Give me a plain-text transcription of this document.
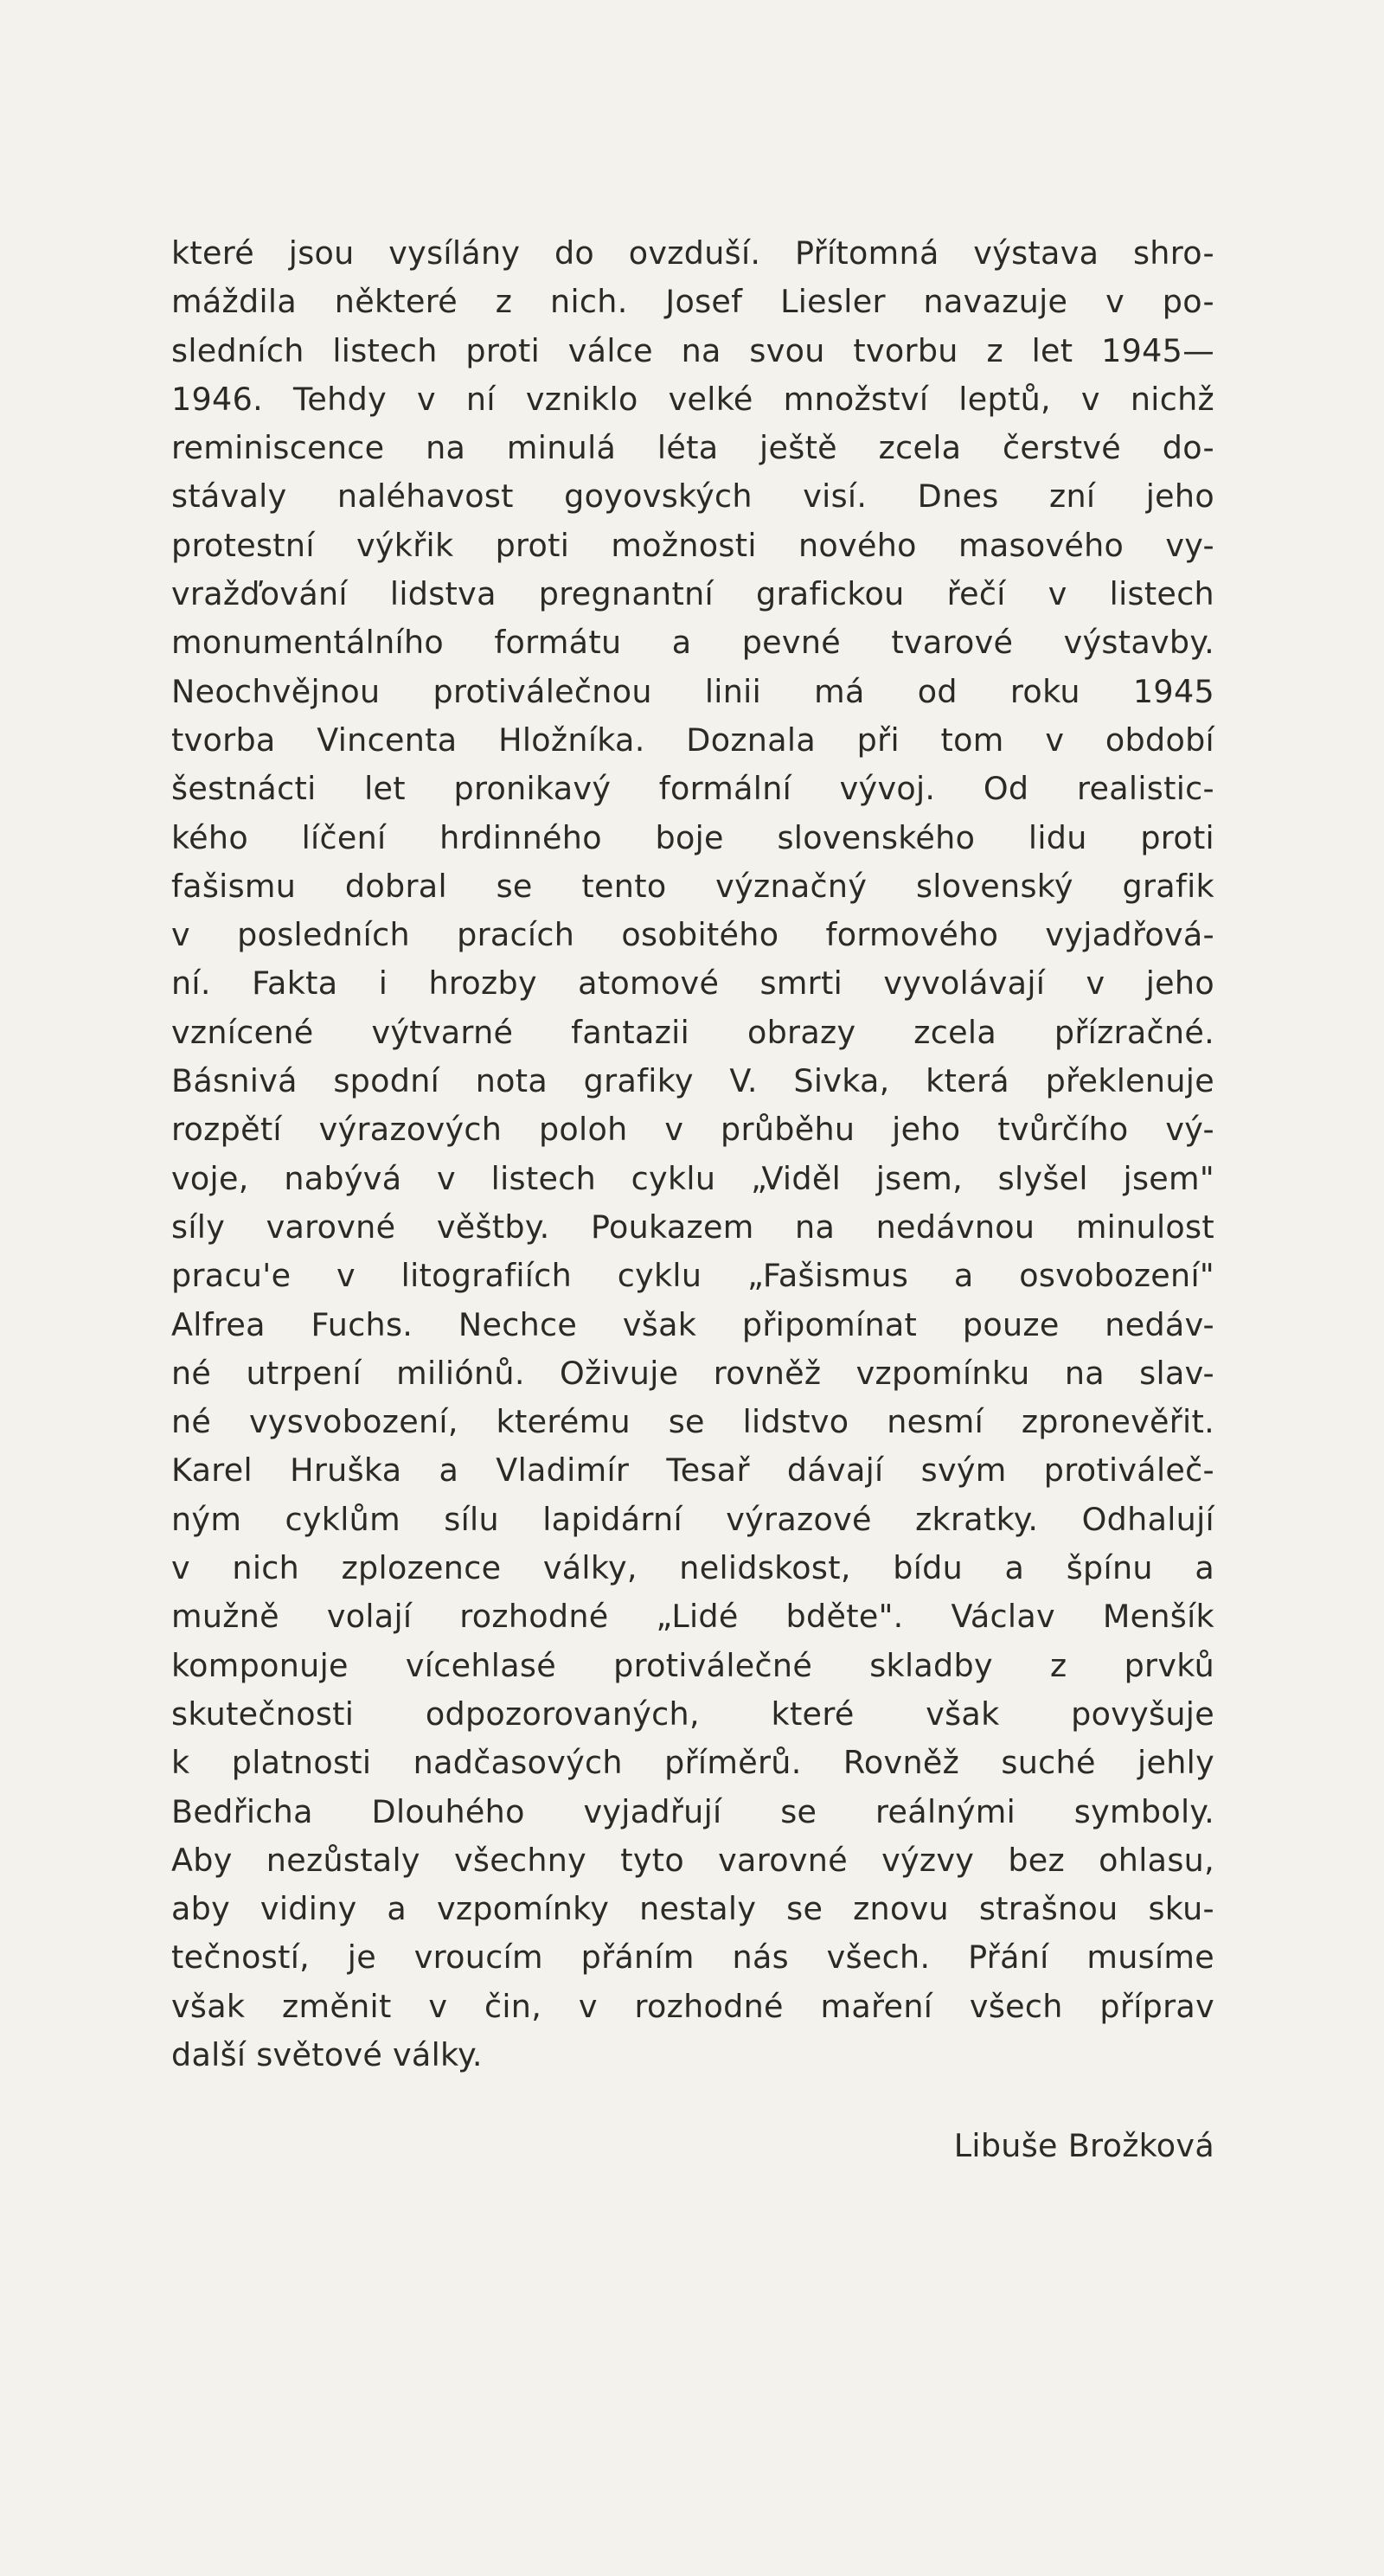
které jsou vysílány do ovzduší. Přítomná výstava shro-
máždila některé z nich. Josef Liesler navazuje v po-
sledních listech proti válce na svou tvorbu z let 1945—
1946. Tehdy v ní vzniklo velké množství leptů, v nichž
reminiscence na minulá léta ještě zcela čerstvé do-
stávaly naléhavost goyovských visí. Dnes zní jeho
protestní výkřik proti možnosti nového masového vy-
vražďování lidstva pregnantní grafickou řečí v listech
monumentálního formátu a pevné tvarové výstavby.
Neochvějnou protiválečnou linii má od roku 1945
tvorba Vincenta Hložníka. Doznala při tom v období
šestnácti let pronikavý formální vývoj. Od realistic-
kého líčení hrdinného boje slovenského lidu proti
fašismu dobral se tento význačný slovenský grafik
v posledních pracích osobitého formového vyjadřová-
ní. Fakta i hrozby atomové smrti vyvolávají v jeho
vznícené výtvarné fantazii obrazy zcela přízračné.
Básnivá spodní nota grafiky V. Sivka, která překlenuje
rozpětí výrazových poloh v průběhu jeho tvůrčího vý-
voje, nabývá v listech cyklu „Viděl jsem, slyšel jsem"
síly varovné věštby. Poukazem na nedávnou minulost
pracu'e v litografiích cyklu „Fašismus a osvobození"
Alfrea Fuchs. Nechce však připomínat pouze nedáv-
né utrpení miliónů. Oživuje rovněž vzpomínku na slav-
né vysvobození, kterému se lidstvo nesmí zpronevěřit.
Karel Hruška a Vladimír Tesař dávají svým protiváleč-
ným cyklům sílu lapidární výrazové zkratky. Odhalují
v nich zplozence války, nelidskost, bídu a špínu a
mužně volají rozhodné „Lidé bděte". Václav Menšík
komponuje vícehlasé protiválečné skladby z prvků
skutečnosti odpozorovaných, které však povyšuje
k platnosti nadčasových příměrů. Rovněž suché jehly
Bedřicha Dlouhého vyjadřují se reálnými symboly.
Aby nezůstaly všechny tyto varovné výzvy bez ohlasu,
aby vidiny a vzpomínky nestaly se znovu strašnou sku-
tečností, je vroucím přáním nás všech. Přání musíme
však změnit v čin, v rozhodné maření všech příprav
další světové války.
Libuše Brožková
